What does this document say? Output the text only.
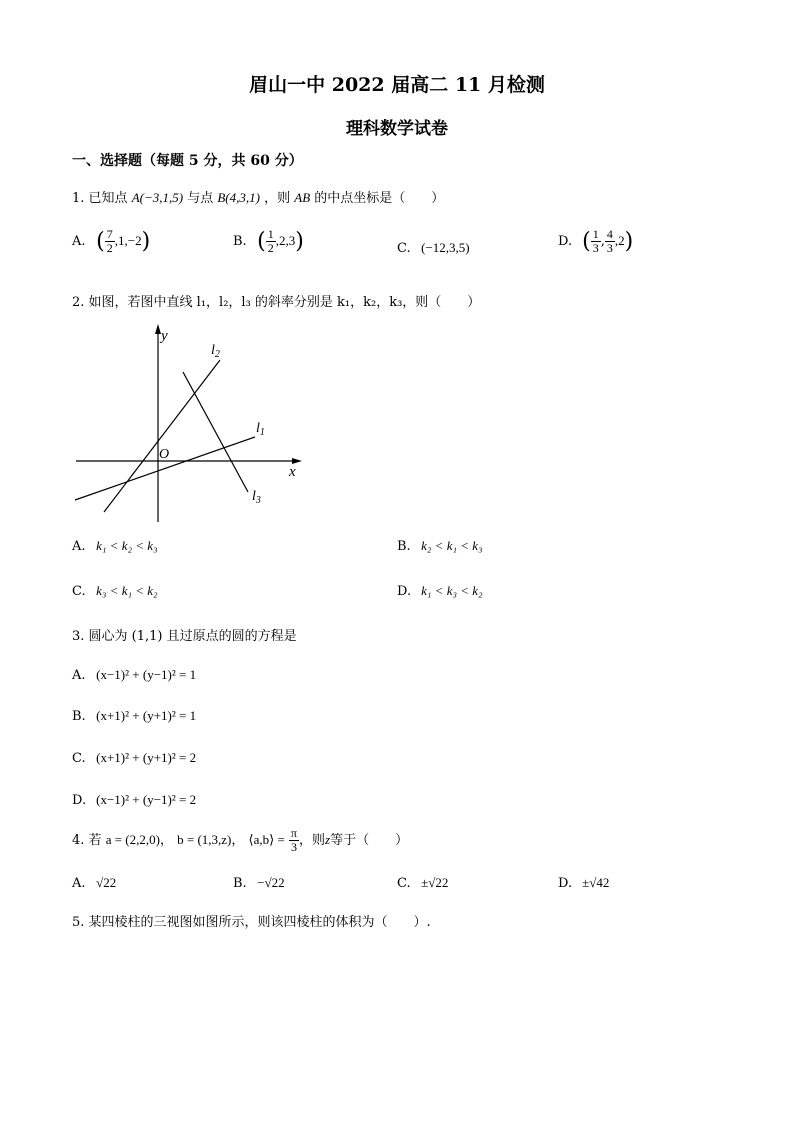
眉山一中 2022 届高二 11 月检测
理科数学试卷
一、选择题（每题 5 分，共 60 分）
1. 已知点 A(−3,1,5) 与点 B(4,3,1) ，则 AB 的中点坐标是（　　）
A. ( $\frac{7}{2} ,1,-2$)	B. ( $\frac{1}{2} ,2,3$)	C. (−12,3,5)	D. ( $\frac{1}{3}$ , $\frac{4}{3} ,2$)
2. 如图，若图中直线 l₁，l₂，l₃ 的斜率分别是 k₁，k₂，k₃，则（　　）
y
x
O
$l_2$
$l_1$
$l_3$
A. k₁ < k₂ < k₃	B. k₂ < k₁ < k₃
C. k₃ < k₁ < k₂	D. k₁ < k₃ < k₂
3. 圆心为 (1,1) 且过原点的圆的方程是
A. (x−1)² + (y−1)² = 1
B. (x+1)² + (y+1)² = 1
C. (x+1)² + (y+1)² = 2
D. (x−1)² + (y−1)² = 2
4. 若 a = (2,2,0)， b = (1,3,z)， ⟨a,b⟩ = $\frac{\pi}{3}$ ，则z等于（　　）
A. √22	B. −√22	C. ±√22	D. ±√42
5. 某四棱柱的三视图如图所示，则该四棱柱的体积为（　　）.
